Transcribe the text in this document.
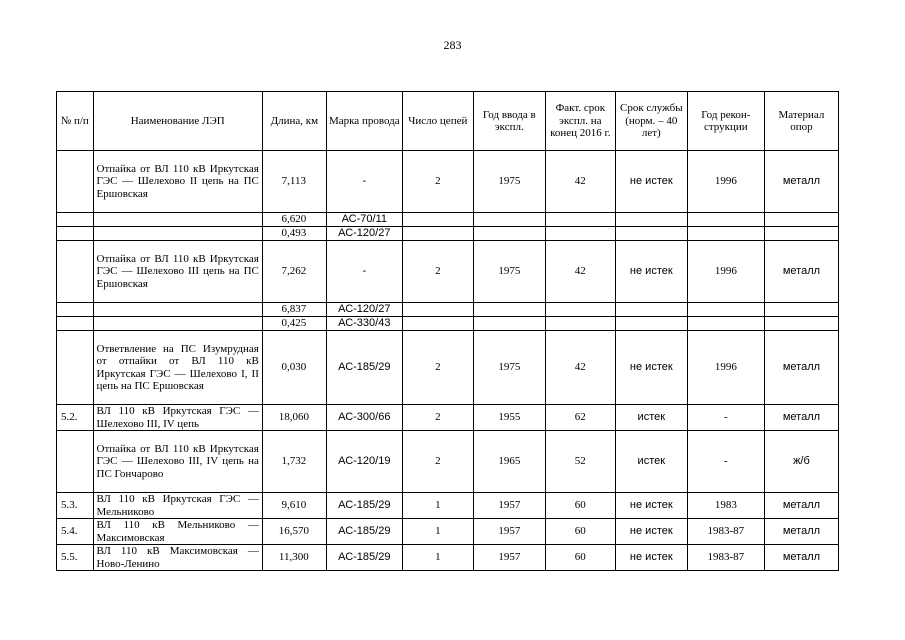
283
№ п/п	Наименование ЛЭП	Длина, км	Марка провода	Число цепей	Год ввода в экспл.	Факт. срок экспл. на конец 2016 г.	Срок службы (норм. – 40 лет)	Год рекон-струкции	Материал опор
	Отпайка от ВЛ 110 кВ Иркутская ГЭС — Шелехово II цепь на ПС Ершовская	7,113	-	2	1975	42	не истек	1996	металл
		6,620	АС-70/11						
		0,493	АС-120/27						
	Отпайка от ВЛ 110 кВ Иркутская ГЭС — Шелехово III цепь на ПС Ершовская	7,262	-	2	1975	42	не истек	1996	металл
		6,837	АС-120/27						
		0,425	АС-330/43						
	Ответвление на ПС Изумрудная от отпайки от ВЛ 110 кВ Иркутская ГЭС — Шелехово I, II цепь на ПС Ершовская	0,030	АС-185/29	2	1975	42	не истек	1996	металл
5.2.	ВЛ 110 кВ Иркутская ГЭС — Шелехово III, IV цепь	18,060	АС-300/66	2	1955	62	истек	-	металл
	Отпайка от ВЛ 110 кВ Иркутская ГЭС — Шелехово III, IV цепь на ПС Гончарово	1,732	АС-120/19	2	1965	52	истек	-	ж/б
5.3.	ВЛ 110 кВ Иркутская ГЭС — Мельниково	9,610	АС-185/29	1	1957	60	не истек	1983	металл
5.4.	ВЛ 110 кВ Мельниково — Максимовская	16,570	АС-185/29	1	1957	60	не истек	1983-87	металл
5.5.	ВЛ 110 кВ Максимовская — Ново-Ленино	11,300	АС-185/29	1	1957	60	не истек	1983-87	металл
